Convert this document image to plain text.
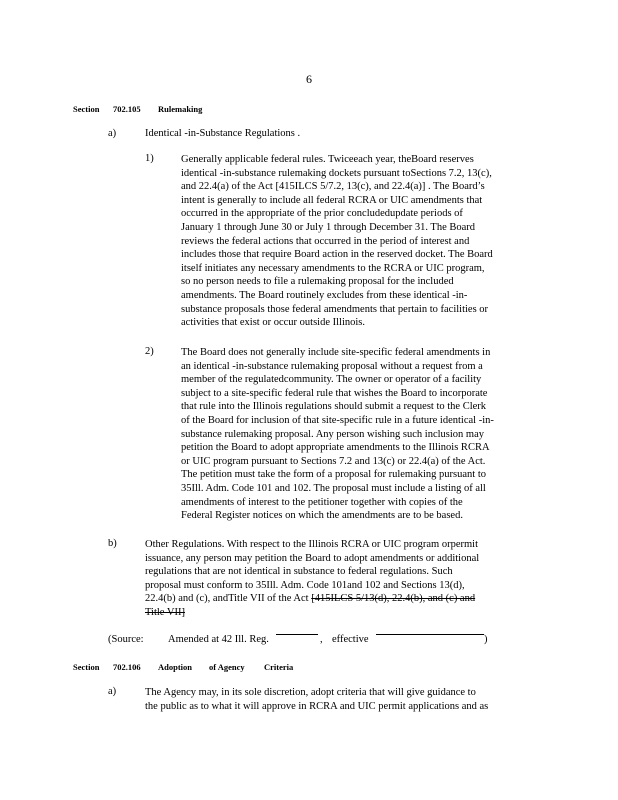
6
Section 702.105 Rulemaking
a)	Identical -in-Substance Regulations .
1)	Generally applicable federal rules. Twiceeach year, theBoard reserves
identical -in-substance rulemaking dockets pursuant toSections 7.2, 13(c),
and 22.4(a) of the Act [415ILCS 5/7.2, 13(c), and 22.4(a)] . The Board’s
intent is generally to include all federal RCRA or UIC amendments that
occurred in the appropriate of the prior concludedupdate periods of
January 1 through June 30 or July 1 through December 31. The Board
reviews the federal actions that occurred in the period of interest and
includes those that require Board action in the reserved docket. The Board
itself initiates any necessary amendments to the RCRA or UIC program,
so no person needs to file a rulemaking proposal for the included
amendments. The Board routinely excludes from these identical -in-
substance proposals those federal amendments that pertain to facilities or
activities that exist or occur outside Illinois.
2)	The Board does not generally include site-specific federal amendments in
an identical -in-substance rulemaking proposal without a request from a
member of the regulatedcommunity. The owner or operator of a facility
subject to a site-specific federal rule that wishes the Board to incorporate
that rule into the Illinois regulations should submit a request to the Clerk
of the Board for inclusion of that site-specific rule in a future identical -in-
substance rulemaking proposal. Any person wishing such inclusion may
petition the Board to adopt appropriate amendments to the Illinois RCRA
or UIC program pursuant to Sections 7.2 and 13(c) or 22.4(a) of the Act.
The petition must take the form of a proposal for rulemaking pursuant to
35Ill. Adm. Code 101 and 102. The proposal must include a listing of all
amendments of interest to the petitioner together with copies of the
Federal Register notices on which the amendments are to be based.
b)	Other Regulations. With respect to the Illinois RCRA or UIC program orpermit
issuance, any person may petition the Board to adopt amendments or additional
regulations that are not identical in substance to federal regulations. Such
proposal must conform to 35Ill. Adm. Code 101and 102 and Sections 13(d),
22.4(b) and (c), andTitle VII of the Act [415ILCS 5/13(d), 22.4(b), and (c) and
Title VII]
(Source: Amended at 42 Ill. Reg.	, effective	)
Section 702.106 Adoption of Agency Criteria
a)	The Agency may, in its sole discretion, adopt criteria that will give guidance to
the public as to what it will approve in RCRA and UIC permit applications and as
